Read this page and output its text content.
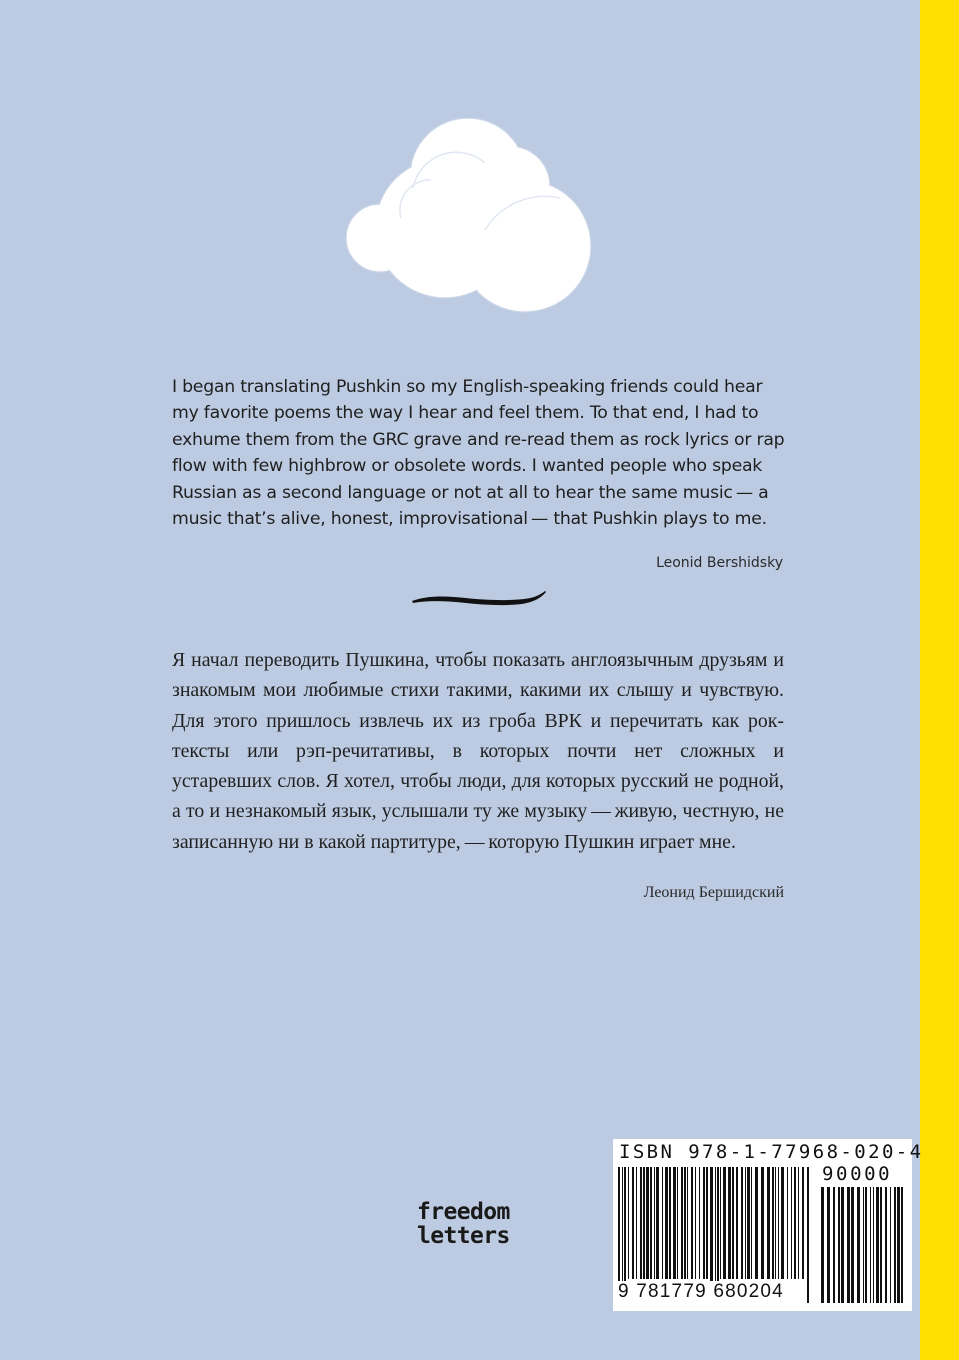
I began translating Pushkin so my English-speaking friends could hear my favorite poems the way I hear and feel them. To that end, I had to exhume them from the GRC grave and re-read them as rock lyrics or rap flow with few highbrow or obsolete words. I wanted people who speak Russian as a second language or not at all to hear the same music — a music that’s alive, honest, improvisational — that Pushkin plays to me.

Leonid Bershidsky

Я начал переводить Пушкина, чтобы показать англоязычным друзьям и знакомым мои любимые стихи такими, какими их слышу и чувствую. Для этого пришлось извлечь их из гроба ВРК и перечитать как рок-тексты или рэп-речитативы, в которых почти нет сложных и устаревших слов. Я хотел, чтобы люди, для которых русский не родной, а то и незнакомый язык, услышали ту же музыку — живую, честную, не записанную ни в какой партитуре, — которую Пушкин играет мне.

Леонид Бершидский
freedom
letters
ISBN 978-1-77968-020-4
90000
9 781779 680204
